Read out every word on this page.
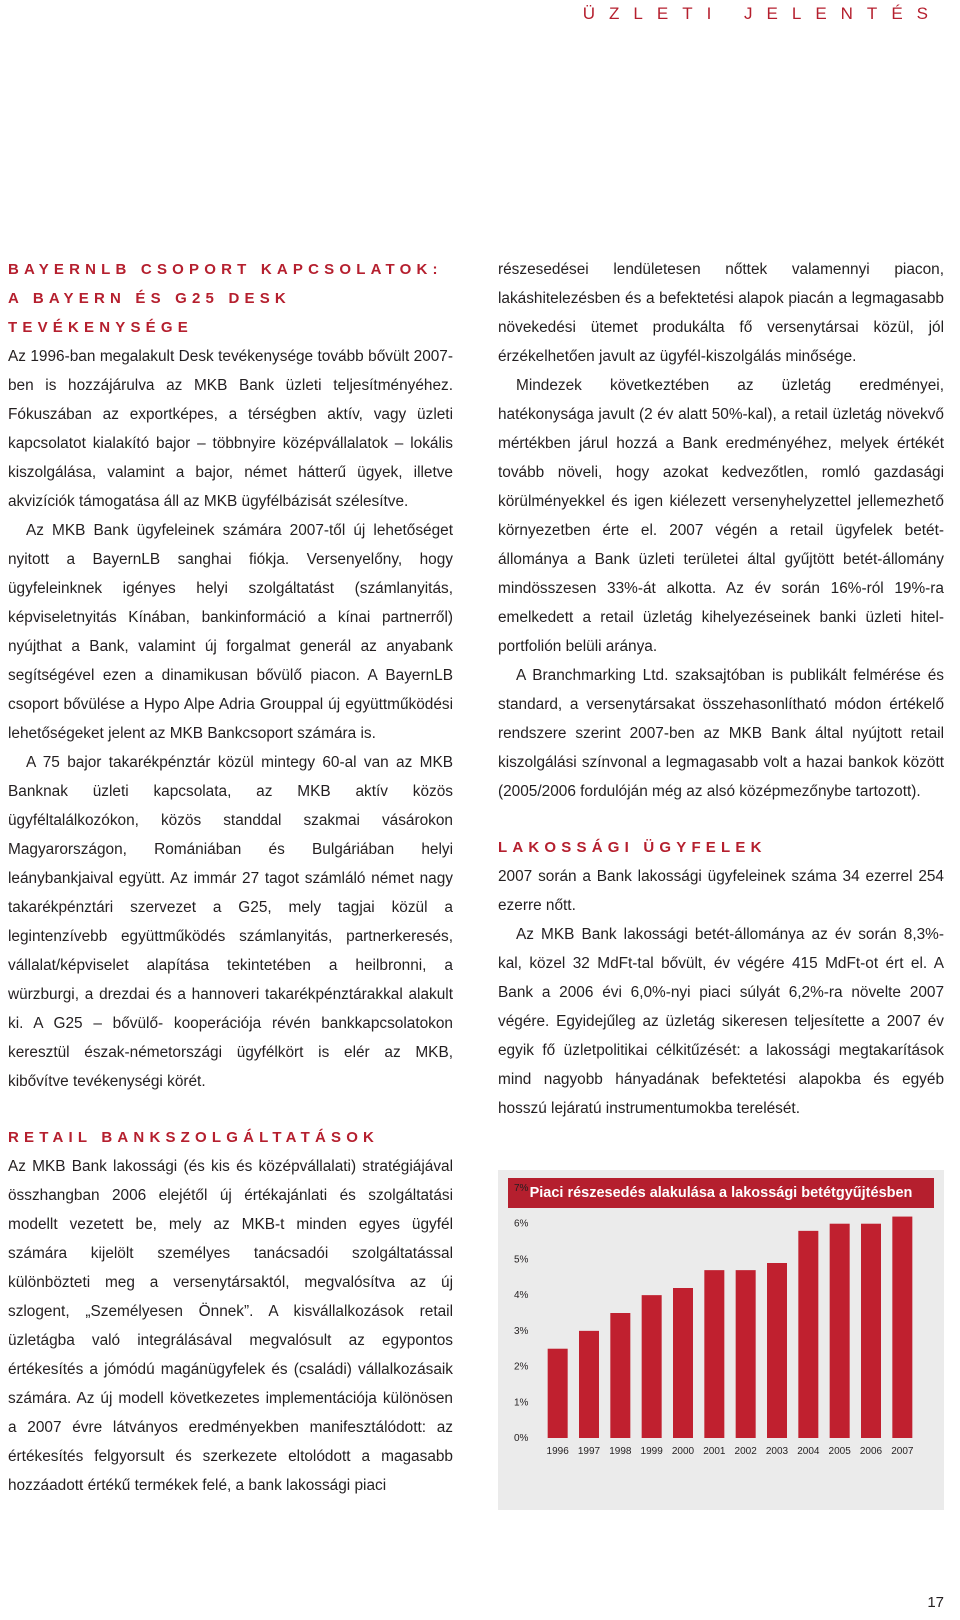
ÜZLETI JELENTÉS
BAYERNLB CSOPORT KAPCSOLATOK:
A BAYERN ÉS G25 DESK TEVÉKENYSÉGE

Az 1996-ban megalakult Desk tevékenysége tovább bővült 2007-ben is hozzájárulva az MKB Bank üzleti teljesítményéhez. Fókuszában az exportképes, a térségben aktív, vagy üzleti kapcsolatot kialakító bajor – többnyire középvállalatok – lokális kiszolgálása, valamint a bajor, német hátterű ügyek, illetve akvizíciók támogatása áll az MKB ügyfélbázisát szélesítve.

Az MKB Bank ügyfeleinek számára 2007-től új lehetőséget nyitott a BayernLB sanghai fiókja. Versenyelőny, hogy ügyfeleinknek igényes helyi szolgáltatást (számlanyitás, képviseletnyitás Kínában, bankinformáció a kínai partnerről) nyújthat a Bank, valamint új forgalmat generál az anyabank segítségével ezen a dinamikusan bővülő piacon. A BayernLB csoport bővülése a Hypo Alpe Adria Grouppal új együttműködési lehetőségeket jelent az MKB Bankcsoport számára is.

A 75 bajor takarékpénztár közül mintegy 60-al van az MKB Banknak üzleti kapcsolata, az MKB aktív közös ügyféltalálkozókon, közös standdal szakmai vásárokon Magyarországon, Romániában és Bulgáriában helyi leánybankjaival együtt. Az immár 27 tagot számláló német nagy takarékpénztári szervezet a G25, mely tagjai közül a legintenzívebb együttműködés számlanyitás, partnerkeresés, vállalat/képviselet alapítása tekintetében a heilbronni, a würzburgi, a drezdai és a hannoveri takarékpénztárakkal alakult ki. A G25 – bővülő- kooperációja révén bankkapcsolatokon keresztül észak-németországi ügyfélkört is elér az MKB, kibővítve tevékenységi körét.

RETAIL BANKSZOLGÁLTATÁSOK

Az MKB Bank lakossági (és kis és középvállalati) stratégiájával összhangban 2006 elejétől új értékajánlati és szolgáltatási modellt vezetett be, mely az MKB-t minden egyes ügyfél számára kijelölt személyes tanácsadói szolgáltatással különbözteti meg a versenytársaktól, megvalósítva az új szlogent, „Személyesen Önnek”. A kisvállalkozások retail üzletágba való integrálásával megvalósult az egypontos értékesítés a jómódú magánügyfelek és (családi) vállalkozásaik számára. Az új modell következetes implementációja különösen a 2007 évre látványos eredményekben manifesztálódott: az értékesítés felgyorsult és szerkezete eltolódott a magasabb hozzáadott értékű termékek felé, a bank lakossági piaci

részesedései lendületesen nőttek valamennyi piacon, lakáshitelezésben és a befektetési alapok piacán a legmagasabb növekedési ütemet produkálta fő versenytársai közül, jól érzékelhetően javult az ügyfél-kiszolgálás minősége.

Mindezek következtében az üzletág eredményei, hatékonysága javult (2 év alatt 50%-kal), a retail üzletág növekvő mértékben járul hozzá a Bank eredményéhez, melyek értékét tovább növeli, hogy azokat kedvezőtlen, romló gazdasági körülményekkel és igen kiélezett versenyhelyzettel jellemezhető környezetben érte el. 2007 végén a retail ügyfelek betét-állománya a Bank üzleti területei által gyűjtött betét-állomány mindösszesen 33%-át alkotta. Az év során 16%-ról 19%-ra emelkedett a retail üzletág kihelyezéseinek banki üzleti hitel-portfolión belüli aránya.

A Branchmarking Ltd. szaksajtóban is publikált felmérése és standard, a versenytársakat összehasonlítható módon értékelő rendszere szerint 2007-ben az MKB Bank által nyújtott retail kiszolgálási színvonal a legmagasabb volt a hazai bankok között (2005/2006 fordulóján még az alsó középmezőnybe tartozott).

LAKOSSÁGI ÜGYFELEK

2007 során a Bank lakossági ügyfeleinek száma 34 ezerrel 254 ezerre nőtt.

Az MKB Bank lakossági betét-állománya az év során 8,3%-kal, közel 32 MdFt-tal bővült, év végére 415 MdFt-ot ért el. A Bank a 2006 évi 6,0%-nyi piaci súlyát 6,2%-ra növelte 2007 végére. Egyidejűleg az üzletág sikeresen teljesítette a 2007 év egyik fő üzletpolitikai célkitűzését: a lakossági megtakarítások mind nagyobb hányadának befektetési alapokba és egyéb hosszú lejáratú instrumentumokba terelését.

Piaci részesedés alakulása a lakossági betétgyűjtésben
0%
1%
2%
3%
4%
5%
6%
7%
1996 1997 1998 1999 2000 2001 2002 2003 2004 2005 2006 2007
17
